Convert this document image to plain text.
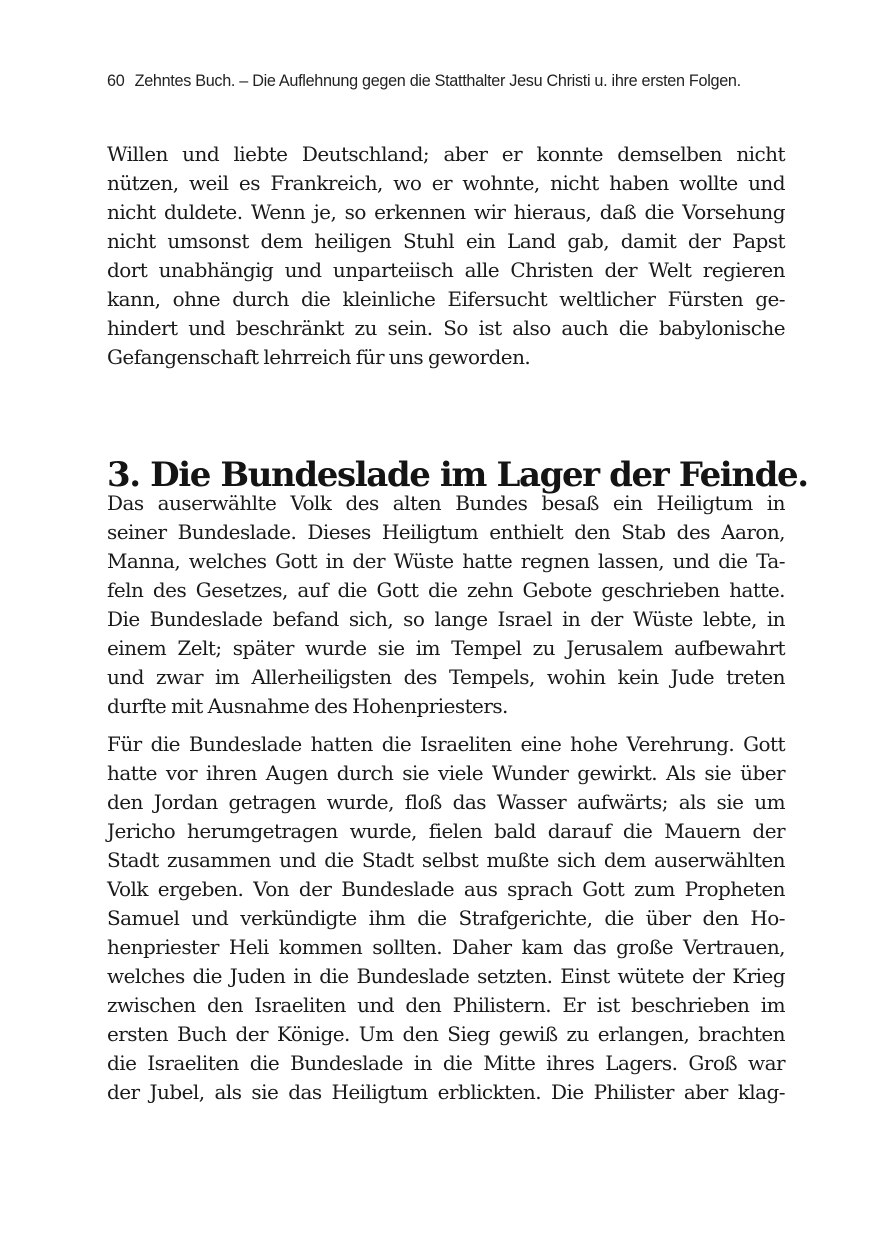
60 Zehntes Buch. – Die Auflehnung gegen die Statthalter Jesu Christi u. ihre ersten Folgen.
Willen und liebte Deutschland; aber er konnte demselben nicht
nützen, weil es Frankreich, wo er wohnte, nicht haben wollte und
nicht duldete. Wenn je, so erkennen wir hieraus, daß die Vorsehung
nicht umsonst dem heiligen Stuhl ein Land gab, damit der Papst
dort unabhängig und unparteiisch alle Christen der Welt regieren
kann, ohne durch die kleinliche Eifersucht weltlicher Fürsten ge-
hindert und beschränkt zu sein. So ist also auch die babylonische
Gefangenschaft lehrreich für uns geworden.
3. Die Bundeslade im Lager der Feinde.
Das auserwählte Volk des alten Bundes besaß ein Heiligtum in
seiner Bundeslade. Dieses Heiligtum enthielt den Stab des Aaron,
Manna, welches Gott in der Wüste hatte regnen lassen, und die Ta-
feln des Gesetzes, auf die Gott die zehn Gebote geschrieben hatte.
Die Bundeslade befand sich, so lange Israel in der Wüste lebte, in
einem Zelt; später wurde sie im Tempel zu Jerusalem aufbewahrt
und zwar im Allerheiligsten des Tempels, wohin kein Jude treten
durfte mit Ausnahme des Hohenpriesters.
Für die Bundeslade hatten die Israeliten eine hohe Verehrung. Gott
hatte vor ihren Augen durch sie viele Wunder gewirkt. Als sie über
den Jordan getragen wurde, floß das Wasser aufwärts; als sie um
Jericho herumgetragen wurde, fielen bald darauf die Mauern der
Stadt zusammen und die Stadt selbst mußte sich dem auserwählten
Volk ergeben. Von der Bundeslade aus sprach Gott zum Propheten
Samuel und verkündigte ihm die Strafgerichte, die über den Ho-
henpriester Heli kommen sollten. Daher kam das große Vertrauen,
welches die Juden in die Bundeslade setzten. Einst wütete der Krieg
zwischen den Israeliten und den Philistern. Er ist beschrieben im
ersten Buch der Könige. Um den Sieg gewiß zu erlangen, brachten
die Israeliten die Bundeslade in die Mitte ihres Lagers. Groß war
der Jubel, als sie das Heiligtum erblickten. Die Philister aber klag-
